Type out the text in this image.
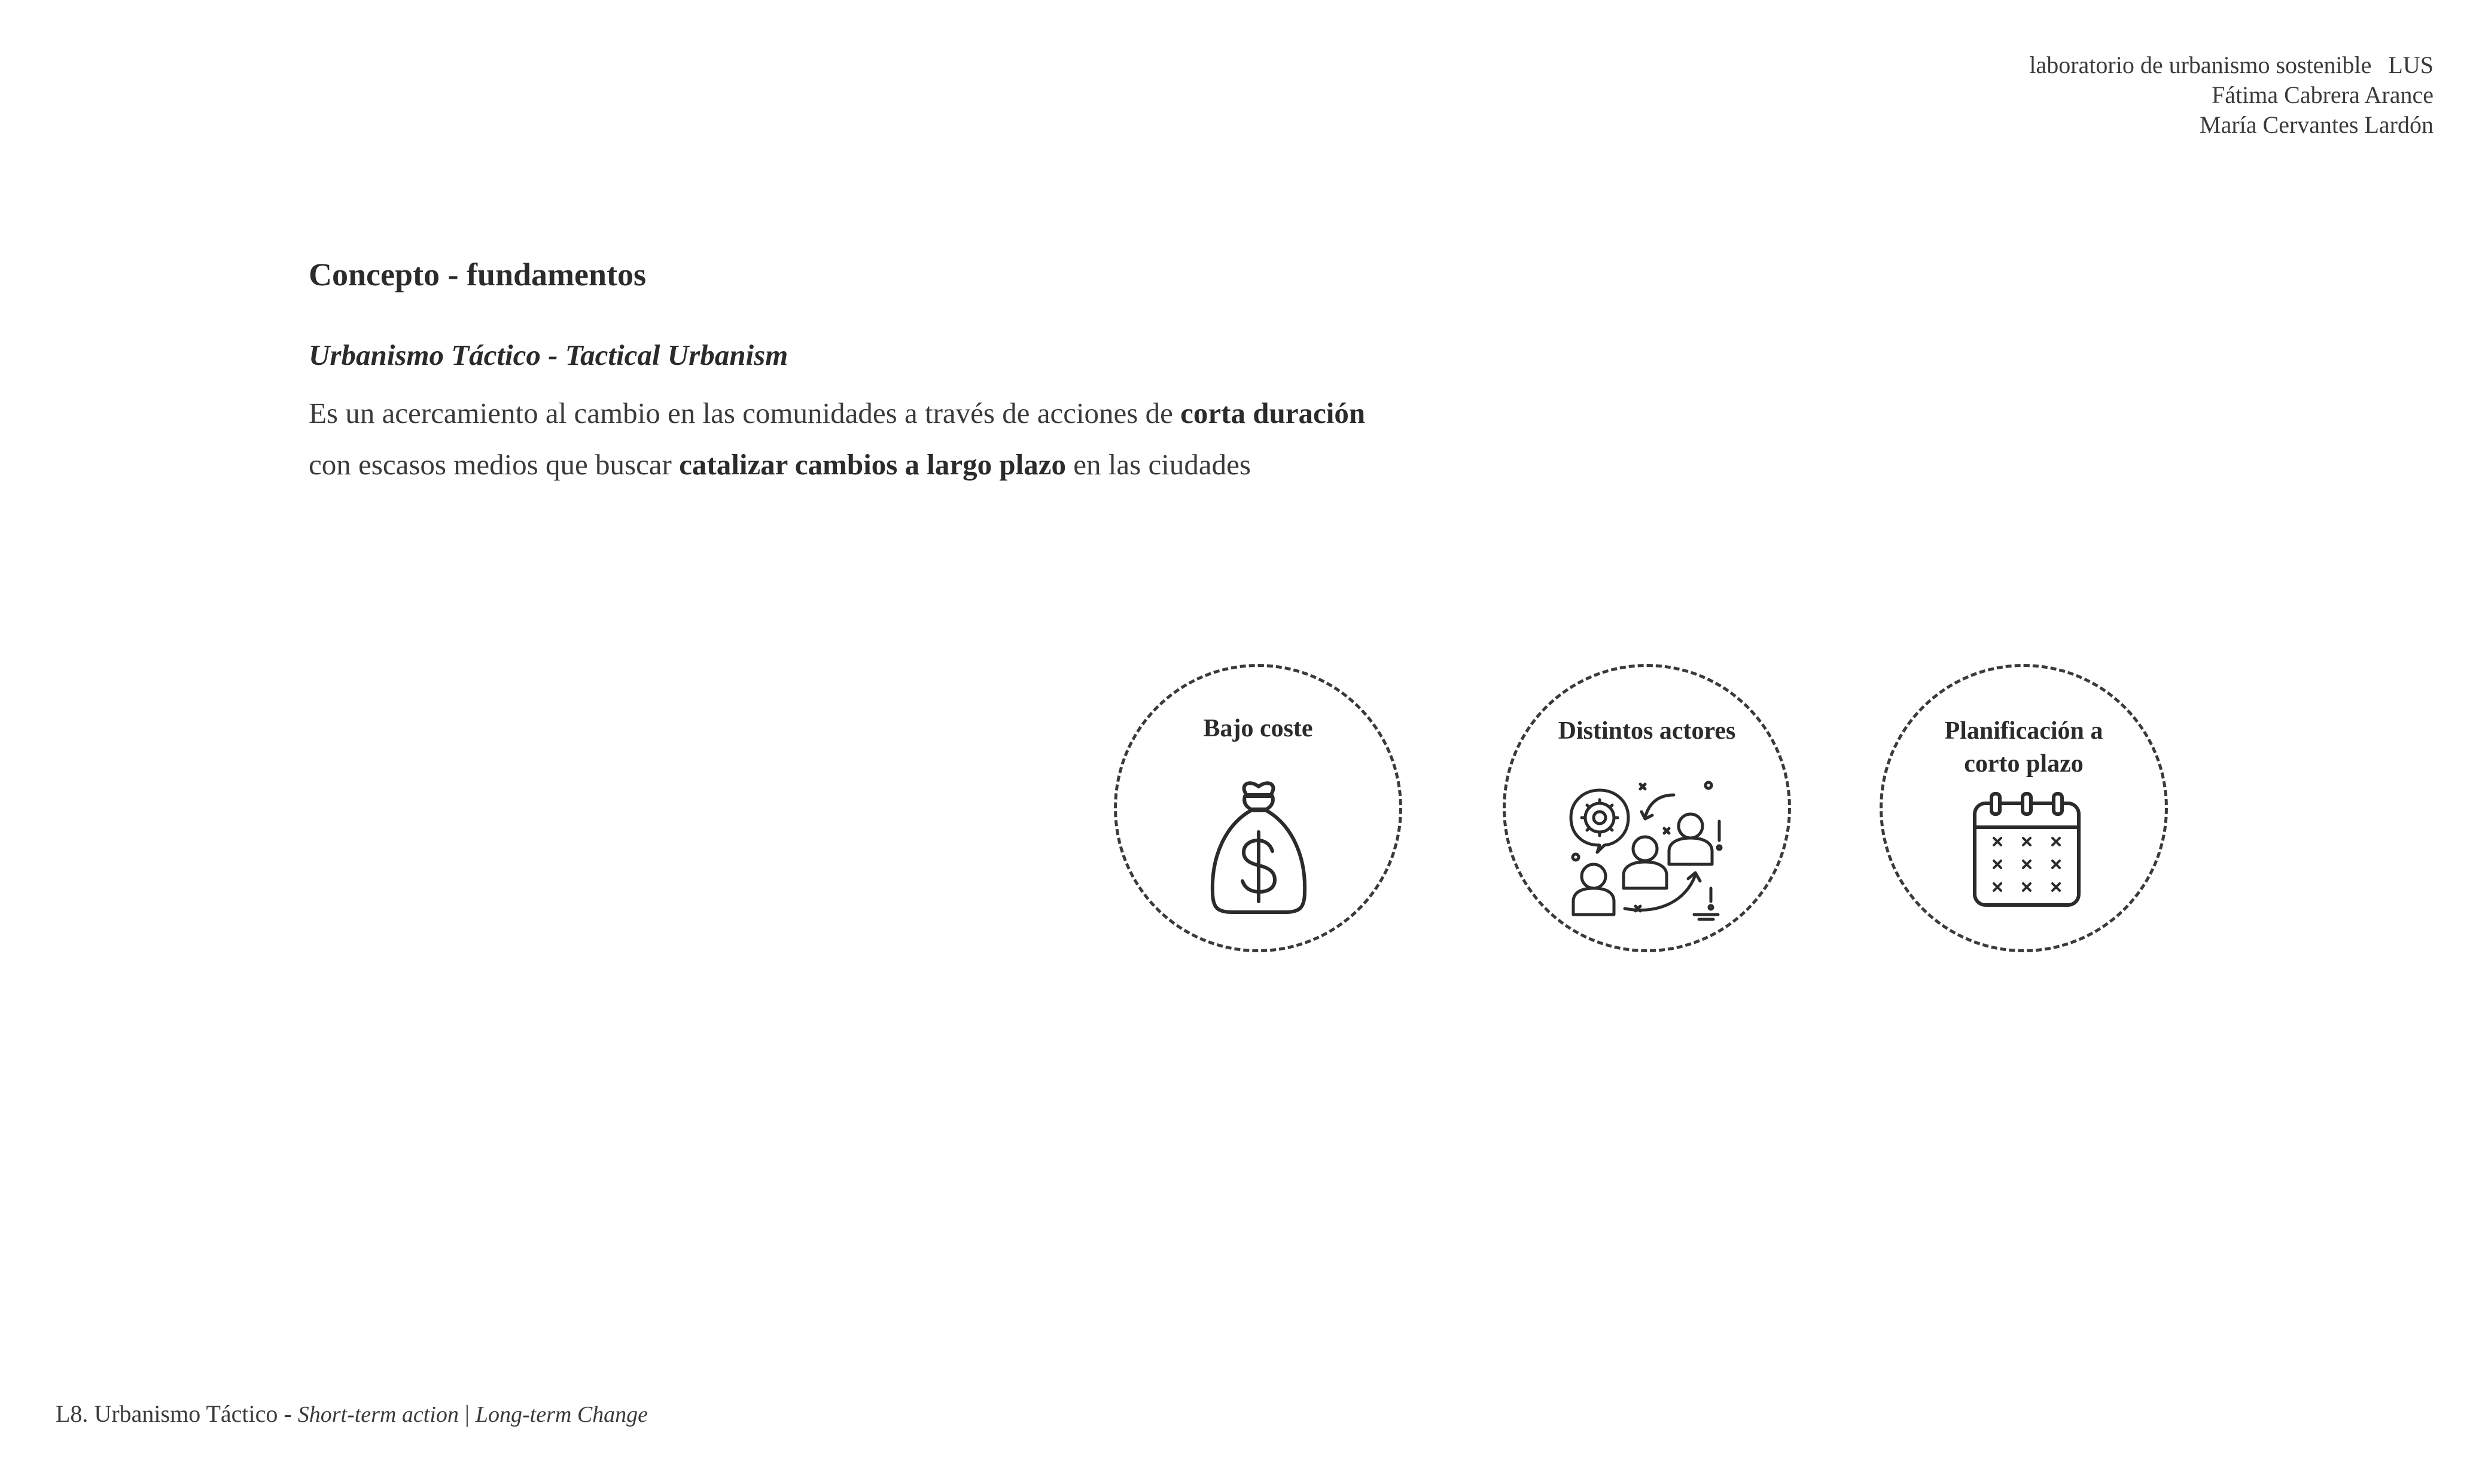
laboratorio de urbanismo sostenible LUS
Fátima Cabrera Arance
María Cervantes Lardón
Concepto - fundamentos
Urbanismo Táctico - Tactical Urbanism
Es un acercamiento al cambio en las comunidades a través de acciones de corta duración
con escasos medios que buscar catalizar cambios a largo plazo en las ciudades
Bajo coste	Distintos actores	Planificación a
corto plazo
L8. Urbanismo Táctico - Short-term action | Long-term Change
